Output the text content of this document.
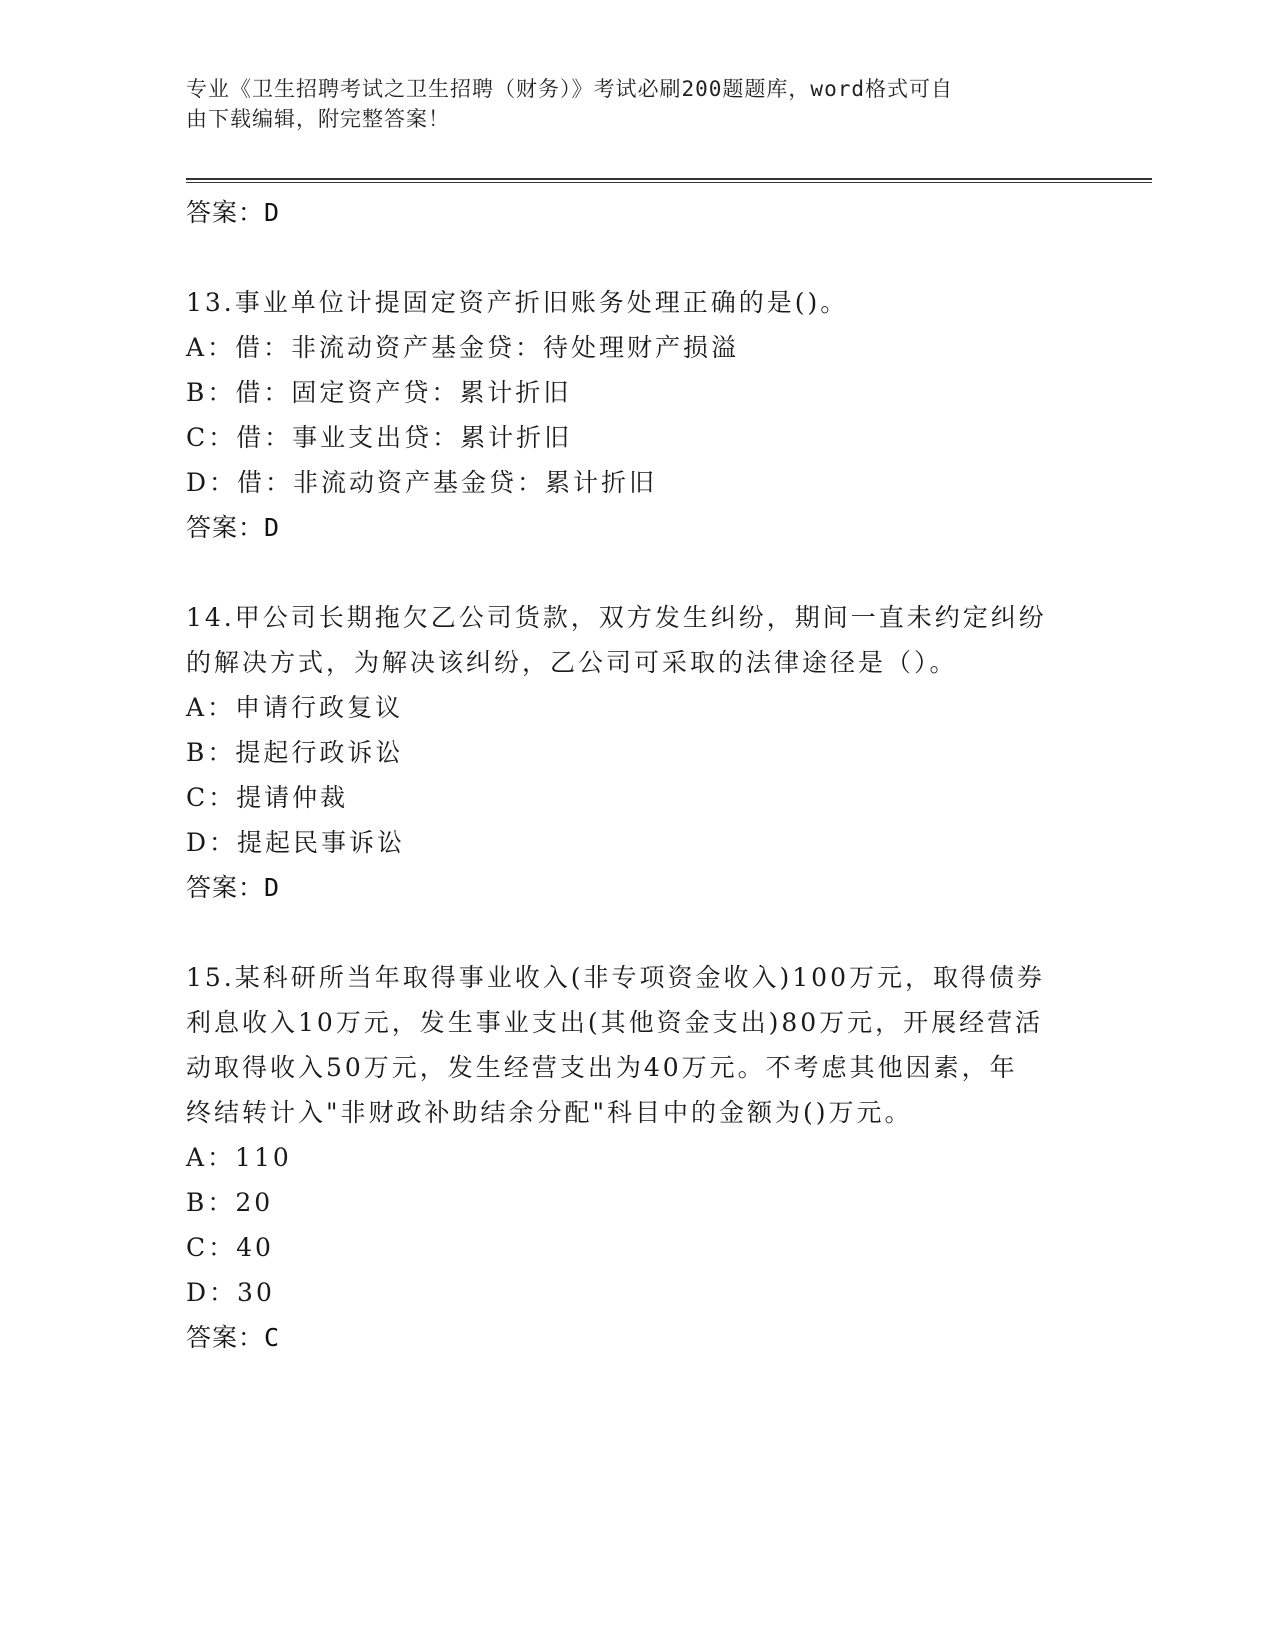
专业《卫生招聘考试之卫生招聘（财务）》考试必刷200题题库，word格式可自
由下载编辑，附完整答案！
答案：D
13.事业单位计提固定资产折旧账务处理正确的是()。
A：借：非流动资产基金贷：待处理财产损溢
B：借：固定资产贷：累计折旧
C：借：事业支出贷：累计折旧
D：借：非流动资产基金贷：累计折旧
答案：D
14.甲公司长期拖欠乙公司货款，双方发生纠纷，期间一直未约定纠纷
的解决方式，为解决该纠纷，乙公司可采取的法律途径是（）。
A：申请行政复议
B：提起行政诉讼
C：提请仲裁
D：提起民事诉讼
答案：D
15.某科研所当年取得事业收入(非专项资金收入)100万元，取得债券
利息收入10万元，发生事业支出(其他资金支出)80万元，开展经营活
动取得收入50万元，发生经营支出为40万元。不考虑其他因素，年
终结转计入"非财政补助结余分配"科目中的金额为()万元。
A：110
B：20
C：40
D：30
答案：C
